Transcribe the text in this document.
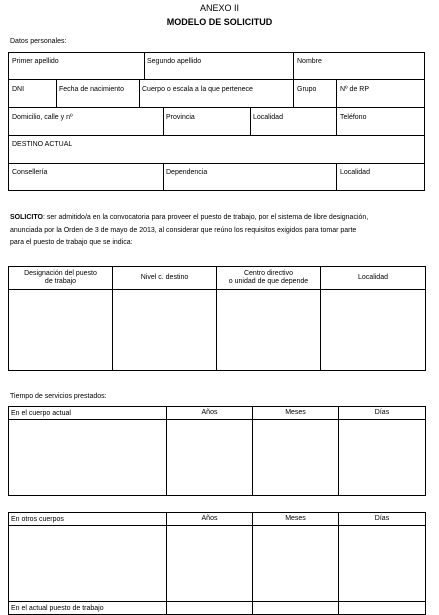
ANEXO II
MODELO DE SOLICITUD
Datos personales:
Primer apellido	Segundo apellido	Nombre
DNI	Fecha de nacimiento	Cuerpo o escala a la que pertenece	Grupo	Nº de RP
Domicilio, calle y nº	Provincia	Localidad	Teléfono
DESTINO ACTUAL
Consellería	Dependencia	Localidad
SOLICITO: ser admitido/a en la convocatoria para proveer el puesto de trabajo, por el sistema de libre designación,
anunciada por la Orden de 3 de mayo de 2013, al considerar que reúno los requisitos exigidos para tomar parte
para el puesto de trabajo que se indica:
Designación del puesto
de trabajo	Nivel c. destino	Centro directivo
o unidad de que depende	Localidad

Tiempo de servicios prestados:
En el cuerpo actual	Años	Meses	Días

En otros cuerpos	Años	Meses	Días

En el actual puesto de trabajo			
